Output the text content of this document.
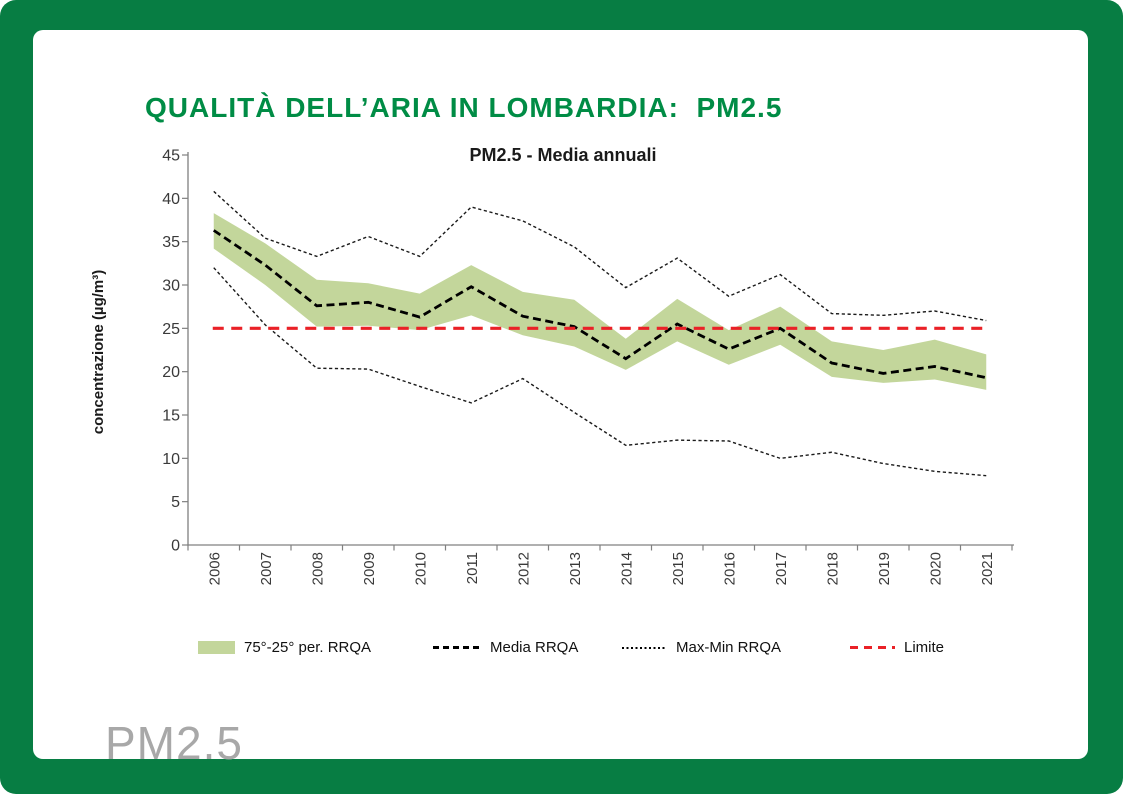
QUALITÀ DELL’ARIA IN LOMBARDIA:  PM2.5
PM2.5
0
5
10
15
20
25
30
35
40
45
2006 2007 2008 2009 2010 2011 2012 2013 2014 2015 2016 2017 2018 2019 2020 2021
PM2.5 - Media annuali
concentrazione (µg/m³)
75°-25° per. RRQA	Media RRQA	Max-Min RRQA	Limite
